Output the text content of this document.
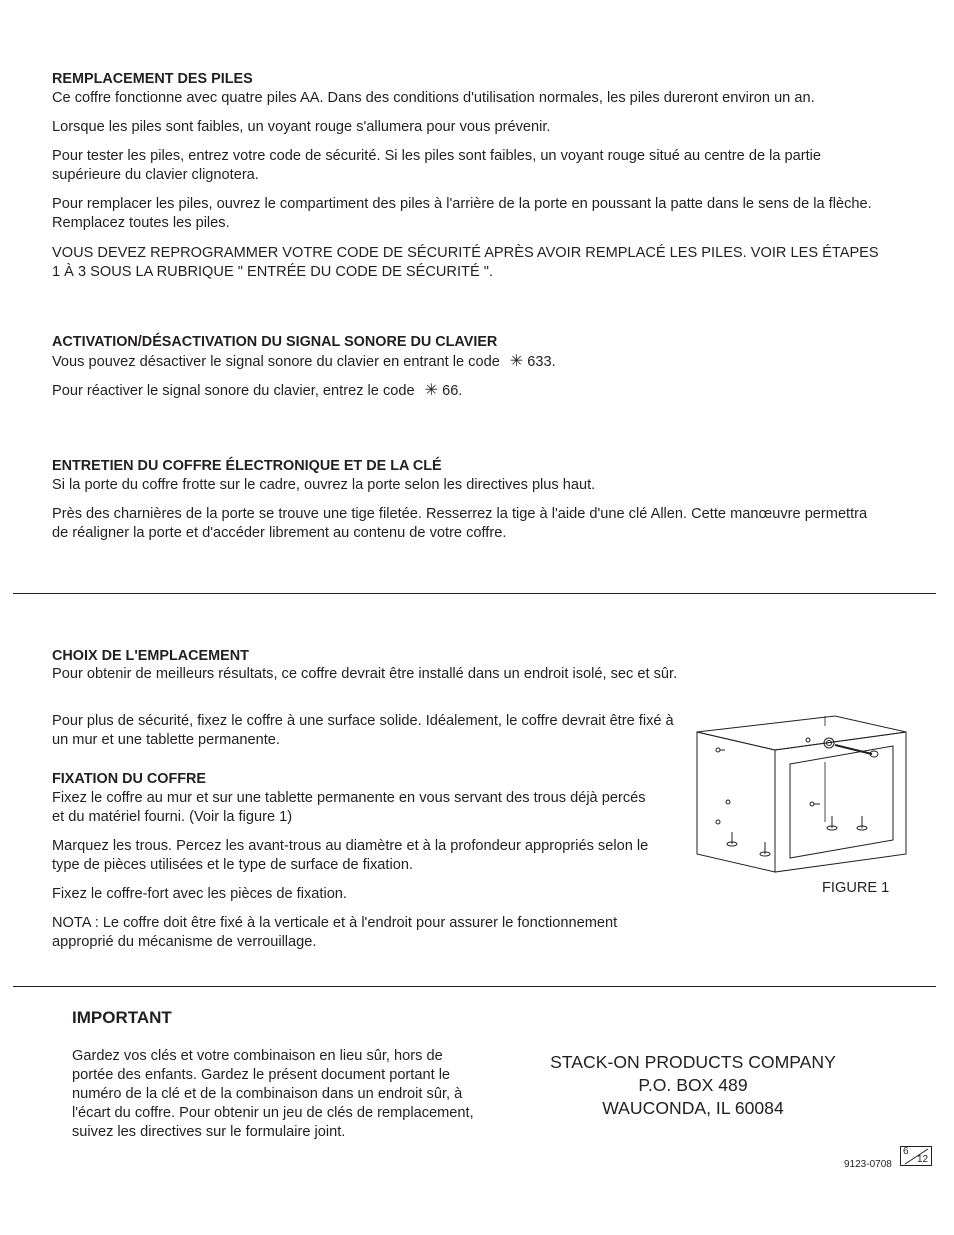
REMPLACEMENT DES PILES
Ce coffre fonctionne avec quatre piles AA. Dans des conditions d'utilisation normales, les piles dureront environ un an.
Lorsque les piles sont faibles, un voyant rouge s'allumera pour vous prévenir.
Pour tester les piles, entrez votre code de sécurité. Si les piles sont faibles, un voyant rouge situé au centre de la partie supérieure du clavier clignotera.
Pour remplacer les piles, ouvrez le compartiment des piles à l'arrière de la porte en poussant la patte dans le sens de la flèche. Remplacez toutes les piles.
VOUS DEVEZ REPROGRAMMER VOTRE CODE DE SÉCURITÉ APRÈS AVOIR REMPLACÉ LES PILES. VOIR LES ÉTAPES 1 À 3 SOUS LA RUBRIQUE " ENTRÉE DU CODE DE SÉCURITÉ ".
ACTIVATION/DÉSACTIVATION DU SIGNAL SONORE DU CLAVIER
Vous pouvez désactiver le signal sonore du clavier en entrant le code ✳ 633.
Pour réactiver le signal sonore du clavier, entrez le code ✳ 66.
ENTRETIEN DU COFFRE ÉLECTRONIQUE ET DE LA CLÉ
Si la porte du coffre frotte sur le cadre, ouvrez la porte selon les directives plus haut.
Près des charnières de la porte se trouve une tige filetée. Resserrez la tige à l'aide d'une clé Allen. Cette manœuvre permettra de réaligner la porte et d'accéder librement au contenu de votre coffre.
CHOIX DE L'EMPLACEMENT
Pour obtenir de meilleurs résultats, ce coffre devrait être installé dans un endroit isolé, sec et sûr.
Pour plus de sécurité, fixez le coffre à une surface solide. Idéalement, le coffre devrait être fixé à un mur et une tablette permanente.
FIXATION DU COFFRE
Fixez le coffre au mur et sur une tablette permanente en vous servant des trous déjà percés et du matériel fourni. (Voir la figure 1)
Marquez les trous. Percez les avant-trous au diamètre et à la profondeur appropriés selon le type de pièces utilisées et le type de surface de fixation.
Fixez le coffre-fort avec les pièces de fixation.
NOTA : Le coffre doit être fixé à la verticale et à l'endroit pour assurer le fonctionnement approprié du mécanisme de verrouillage.
FIGURE 1
IMPORTANT
Gardez vos clés et votre combinaison en lieu sûr, hors de portée des enfants. Gardez le présent document portant le numéro de la clé et de la combinaison dans un endroit sûr, à l'écart du coffre. Pour obtenir un jeu de clés de remplacement, suivez les directives sur le formulaire joint.
STACK-ON PRODUCTS COMPANY
P.O. BOX 489
WAUCONDA, IL 60084
9123-0708
6
12
